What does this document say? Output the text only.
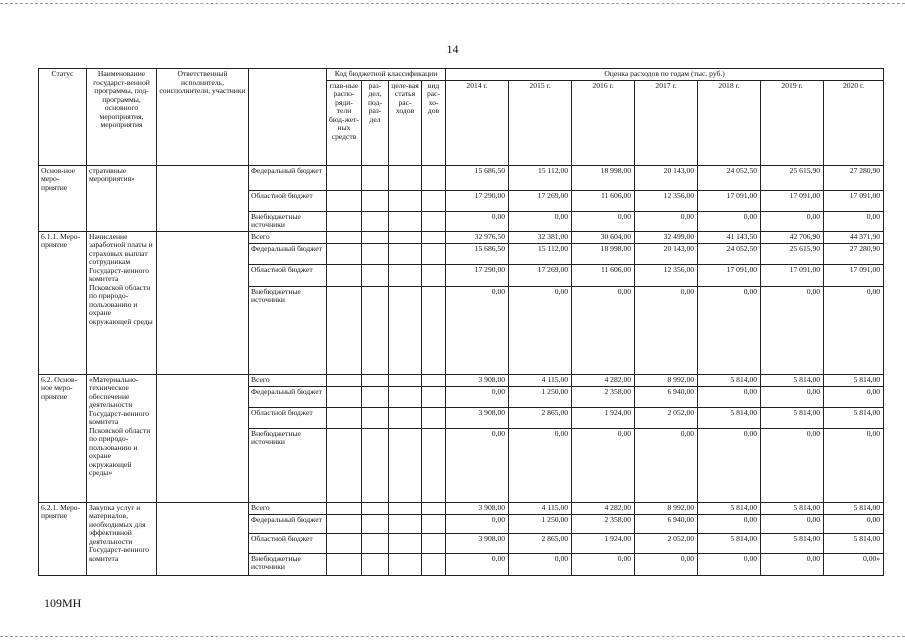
14
Статус	Наименование государст-венной программы, под-программы, основного мероприятия, мероприятия	Ответственный исполнитель, соисполнители, участники		Код бюджетной классификации				Оценка расходов по годам (тыс. руб.)						
				глав-ные распо-ряди-тели бюд-жет-ных средств	раз-дел, под-раз-дел	целе-вая статья рас-ходов	вид рас-хо-дов	2014 г.	2015 г.	2016 г.	2017 г.	2018 г.	2019 г.	2020 г.
Основ-ное меро-приятие	стративные мероприятия»		Федеральный бюджет					15 686,50	15 112,00	18 998,00	20 143,00	24 052,50	25 615,90	27 280,90
			Областной бюджет					17 290,00	17 269,00	11 606,00	12 356,00	17 091,00	17 091,00	17 091,00
			Внебюджетные источники					0,00	0,00	0,00	0,00	0,00	0,00	0,00
6.1.1. Меро-приятие	Начисление заработной платы и страховых выплат сотрудникам Государст-венного комитета Псковской области по природо-пользованию и охране окружающей среды		Всего					32 976,50	32 381,00	30 604,00	32 499,00	41 143,50	42 706,90	44 371,90
			Федеральный бюджет					15 686,50	15 112,00	18 998,00	20 143,00	24 052,50	25 615,90	27 280,90
			Областной бюджет					17 290,00	17 269,00	11 606,00	12 356,00	17 091,00	17 091,00	17 091,00
			Внебюджетные источники					0,00	0,00	0,00	0,00	0,00	0,00	0,00
6.2. Основ-ное меро-приятие	«Материально-техническое обеспечение деятельности Государст-венного комитета Псковской области по природо-пользованию и охране окружающей среды»		Всего					3 908,00	4 115,00	4 282,00	8 992,00	5 814,00	5 814,00	5 814,00
			Федеральный бюджет					0,00	1 250,00	2 358,00	6 940,00	0,00	0,00	0,00
			Областной бюджет					3 908,00	2 865,00	1 924,00	2 052,00	5 814,00	5 814,00	5 814,00
			Внебюджетные источники					0,00	0,00	0,00	0,00	0,00	0,00	0,00
6.2.1. Меро-приятие	Закупка услуг и материалов, необходимых для эффективной деятельности Государст-венного комитета		Всего					3 908,00	4 115,00	4 282,00	8 992,00	5 814,00	5 814,00	5 814,00
			Федеральный бюджет					0,00	1 250,00	2 358,00	6 940,00	0,00	0,00	0,00
			Областной бюджет					3 908,00	2 865,00	1 924,00	2 052,00	5 814,00	5 814,00	5 814,00
			Внебюджетные источники					0,00	0,00	0,00	0,00	0,00	0,00	0,00»
109МН
